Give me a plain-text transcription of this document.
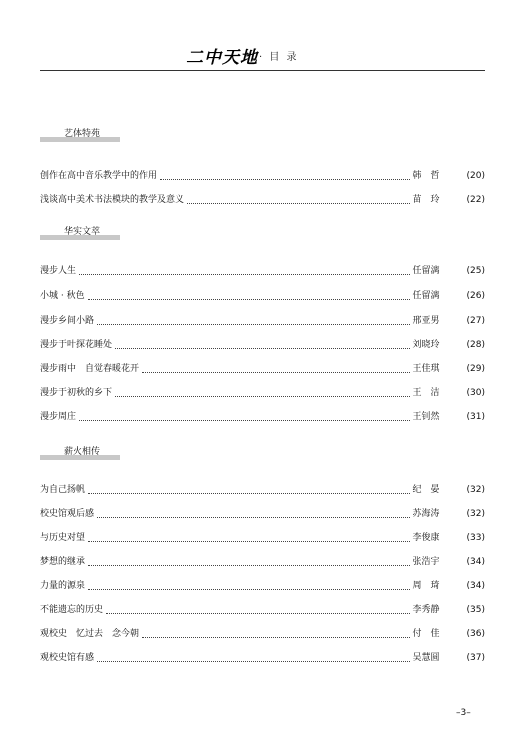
二中天地 · 目 录
艺体特苑
创作在高中音乐教学中的作用	韩　哲	(20)
浅谈高中美术书法模块的教学及意义	苗　玲	(22)
华实文萃
漫步人生	任留漓	(25)
小城 · 秋色	任留漓	(26)
漫步乡间小路	邢亚男	(27)
漫步于叶探花睡处	刘晓玲	(28)
漫步雨中　自觉春暖花开	王佳琪	(29)
漫步于初秋的乡下	王　洁	(30)
漫步周庄	王钊然	(31)
薪火相传
为自己扬帆	纪　晏	(32)
校史馆观后感	苏海涛	(32)
与历史对望	李俊康	(33)
梦想的继承	张浩宇	(34)
力量的源泉	周　琦	(34)
不能遗忘的历史	李秀静	(35)
观校史　忆过去　念今朝	付　佳	(36)
观校史馆有感	吴慧圆	(37)
–3–
